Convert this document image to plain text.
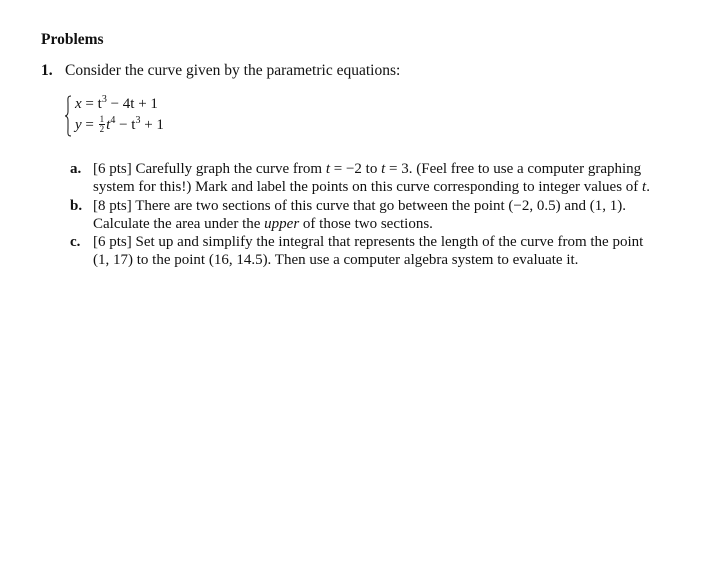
Problems
1. Consider the curve given by the parametric equations:
$x = t^3 - 4t + 1$
$y = \frac{1}{2} t^4 - t^3 + 1$
a. [6 pts] Carefully graph the curve from t = −2 to t = 3. (Feel free to use a computer graphing system for this!) Mark and label the points on this curve corresponding to integer values of t.
b. [8 pts] There are two sections of this curve that go between the point (−2, 0.5) and (1, 1). Calculate the area under the upper of those two sections.
c. [6 pts] Set up and simplify the integral that represents the length of the curve from the point (1, 17) to the point (16, 14.5). Then use a computer algebra system to evaluate it.
